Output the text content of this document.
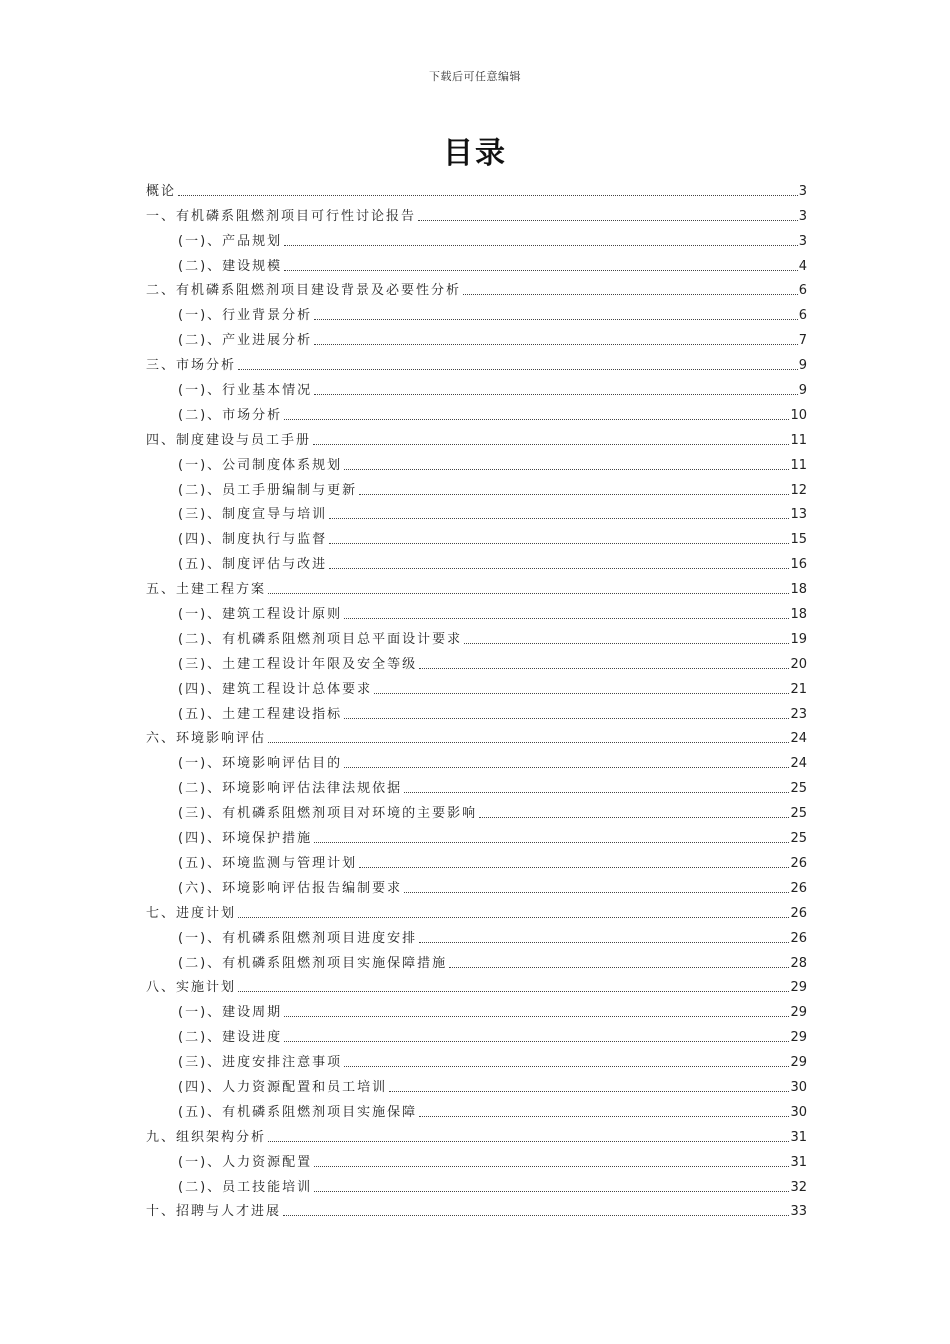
下载后可任意编辑
目录
概论	3
一、有机磷系阻燃剂项目可行性讨论报告	3
(一)、产品规划	3
(二)、建设规模	4
二、有机磷系阻燃剂项目建设背景及必要性分析	6
(一)、行业背景分析	6
(二)、产业进展分析	7
三、市场分析	9
(一)、行业基本情况	9
(二)、市场分析	10
四、制度建设与员工手册	11
(一)、公司制度体系规划	11
(二)、员工手册编制与更新	12
(三)、制度宣导与培训	13
(四)、制度执行与监督	15
(五)、制度评估与改进	16
五、土建工程方案	18
(一)、建筑工程设计原则	18
(二)、有机磷系阻燃剂项目总平面设计要求	19
(三)、土建工程设计年限及安全等级	20
(四)、建筑工程设计总体要求	21
(五)、土建工程建设指标	23
六、环境影响评估	24
(一)、环境影响评估目的	24
(二)、环境影响评估法律法规依据	25
(三)、有机磷系阻燃剂项目对环境的主要影响	25
(四)、环境保护措施	25
(五)、环境监测与管理计划	26
(六)、环境影响评估报告编制要求	26
七、进度计划	26
(一)、有机磷系阻燃剂项目进度安排	26
(二)、有机磷系阻燃剂项目实施保障措施	28
八、实施计划	29
(一)、建设周期	29
(二)、建设进度	29
(三)、进度安排注意事项	29
(四)、人力资源配置和员工培训	30
(五)、有机磷系阻燃剂项目实施保障	30
九、组织架构分析	31
(一)、人力资源配置	31
(二)、员工技能培训	32
十、招聘与人才进展	33
